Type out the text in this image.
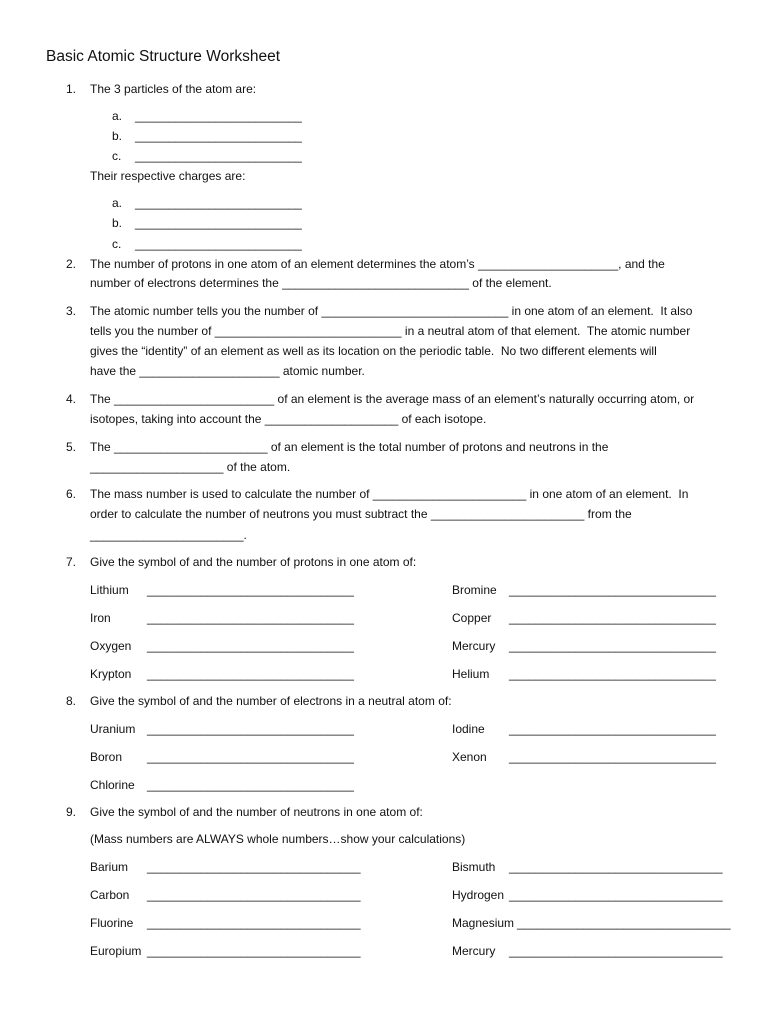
Basic Atomic Structure Worksheet
1.	The 3 particles of the atom are:
a. _________________________
b. _________________________
c. _________________________
Their respective charges are:
a. _________________________
b. _________________________
c. _________________________
2.	The number of protons in one atom of an element determines the atom’s _____________________, and the
number of electrons determines the ____________________________ of the element.
3.	The atomic number tells you the number of ____________________________ in one atom of an element.  It also
tells you the number of ____________________________ in a neutral atom of that element.  The atomic number
gives the “identity” of an element as well as its location on the periodic table.  No two different elements will
have the _____________________ atomic number.
4.	The ________________________ of an element is the average mass of an element’s naturally occurring atom, or
isotopes, taking into account the ____________________ of each isotope.
5.	The _______________________ of an element is the total number of protons and neutrons in the
____________________ of the atom.
6.	The mass number is used to calculate the number of _______________________ in one atom of an element.  In
order to calculate the number of neutrons you must subtract the _______________________ from the
_______________________.
7.	Give the symbol of and the number of protons in one atom of:
Lithium _______________________________	Bromine _______________________________
Iron	_______________________________	Copper _______________________________
Oxygen _______________________________	Mercury _______________________________
Krypton _______________________________	Helium _______________________________
8.	Give the symbol of and the number of electrons in a neutral atom of:
Uranium _______________________________	Iodine _______________________________
Boron _______________________________	Xenon _______________________________
Chlorine _______________________________
9.	Give the symbol of and the number of neutrons in one atom of:
(Mass numbers are ALWAYS whole numbers…show your calculations)
Barium ________________________________	Bismuth ________________________________
Carbon ________________________________	Hydrogen ________________________________
Fluorine ________________________________	Magnesium ________________________________
Europium ________________________________	Mercury ________________________________
